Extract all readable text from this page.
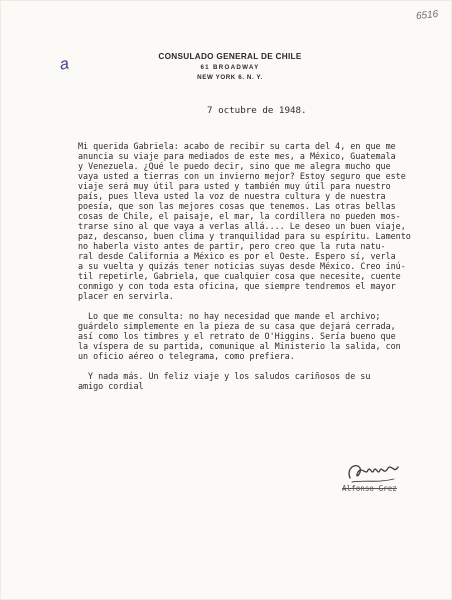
6516
a	CONSULADO GENERAL DE CHILE
61 BROADWAY
NEW YORK 6. N. Y.
7 octubre de 1948.
Mi querida Gabriela: acabo de recibir su carta del 4, en que me
anuncia su viaje para mediados de este mes, a México, Guatemala
y Venezuela. ¿Qué le puedo decir, sino que me alegra mucho que
vaya usted a tierras con un invierno mejor? Estoy seguro que este
viaje será muy útil para usted y también muy útil para nuestro
país, pues lleva usted la voz de nuestra cultura y de nuestra
poesía, que son las mejores cosas que tenemos. Las otras bellas
cosas de Chile, el paisaje, el mar, la cordillera no pueden mos-
trarse sino al que vaya a verlas allá.... Le deseo un buen viaje,
paz, descanso, buen clima y tranquilidad para su espíritu. Lamento
no haberla visto antes de partir, pero creo que la ruta natu-
ral desde California a México es por el Oeste. Espero sí, verla
a su vuelta y quizás tener noticias suyas desde México. Creo inú-
til repetirle, Gabriela, que cualquier cosa que necesite, cuente
conmigo y con toda esta oficina, que siempre tendremos el mayor
placer en servirla.
Lo que me consulta: no hay necesidad que mande el archivo;
guárdelo simplemente en la pieza de su casa que dejará cerrada,
así como los timbres y el retrato de O'Higgins. Sería bueno que
la víspera de su partida, comunique al Ministerio la salida, con
un oficio aéreo o telegrama, como prefiera.
Y nada más. Un feliz viaje y los saludos cariñosos de su
amigo cordial
Alfonso Grez
